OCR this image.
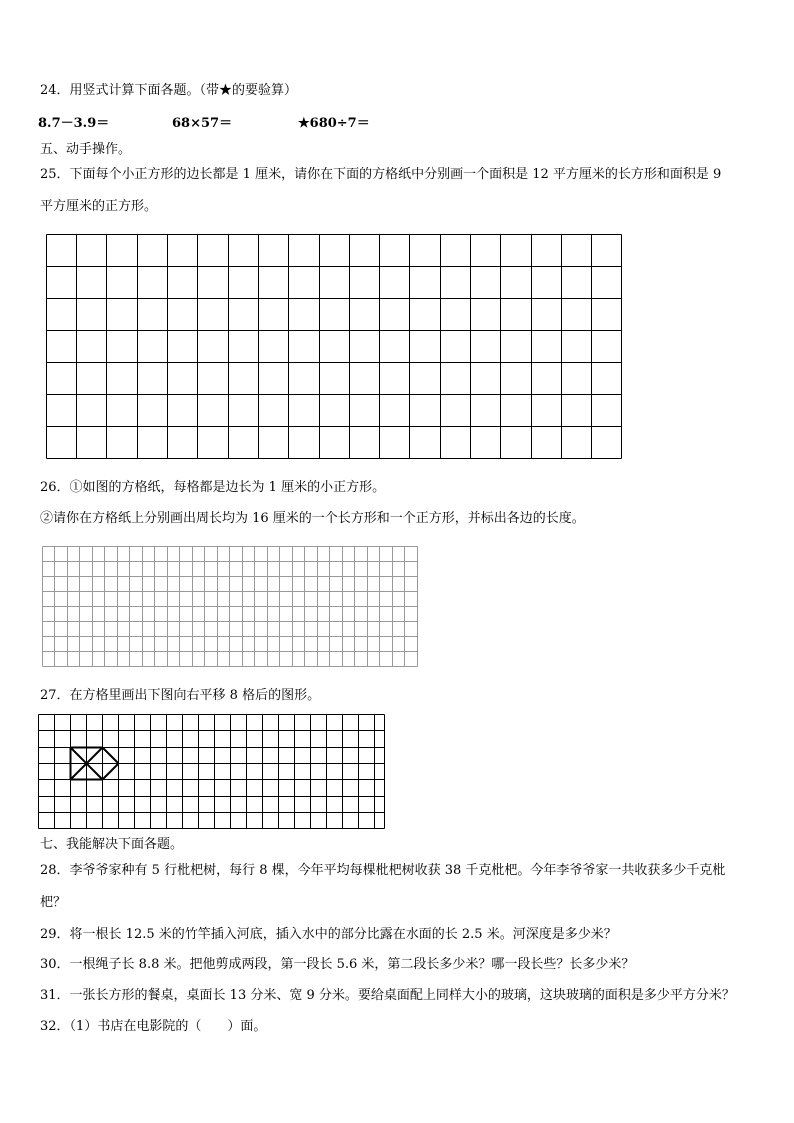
24．用竖式计算下面各题。（带★的要验算）
8.7－3.9＝	68×57＝	★680÷7＝
五、动手操作。
25．下面每个小正方形的边长都是 1 厘米，请你在下面的方格纸中分别画一个面积是 12 平方厘米的长方形和面积是 9
平方厘米的正方形。
26．①如图的方格纸，每格都是边长为 1 厘米的小正方形。
②请你在方格纸上分别画出周长均为 16 厘米的一个长方形和一个正方形，并标出各边的长度。
27．在方格里画出下图向右平移 8 格后的图形。
七、我能解决下面各题。
28．李爷爷家种有 5 行枇杷树，每行 8 棵，今年平均每棵枇杷树收获 38 千克枇杷。今年李爷爷家一共收获多少千克枇
杷？
29．将一根长 12.5 米的竹竿插入河底，插入水中的部分比露在水面的长 2.5 米。河深度是多少米？
30．一根绳子长 8.8 米。把他剪成两段，第一段长 5.6 米，第二段长多少米？哪一段长些？长多少米？
31．一张长方形的餐桌，桌面长 13 分米、宽 9 分米。要给桌面配上同样大小的玻璃，这块玻璃的面积是多少平方分米？
32．（1）书店在电影院的（　　）面。
